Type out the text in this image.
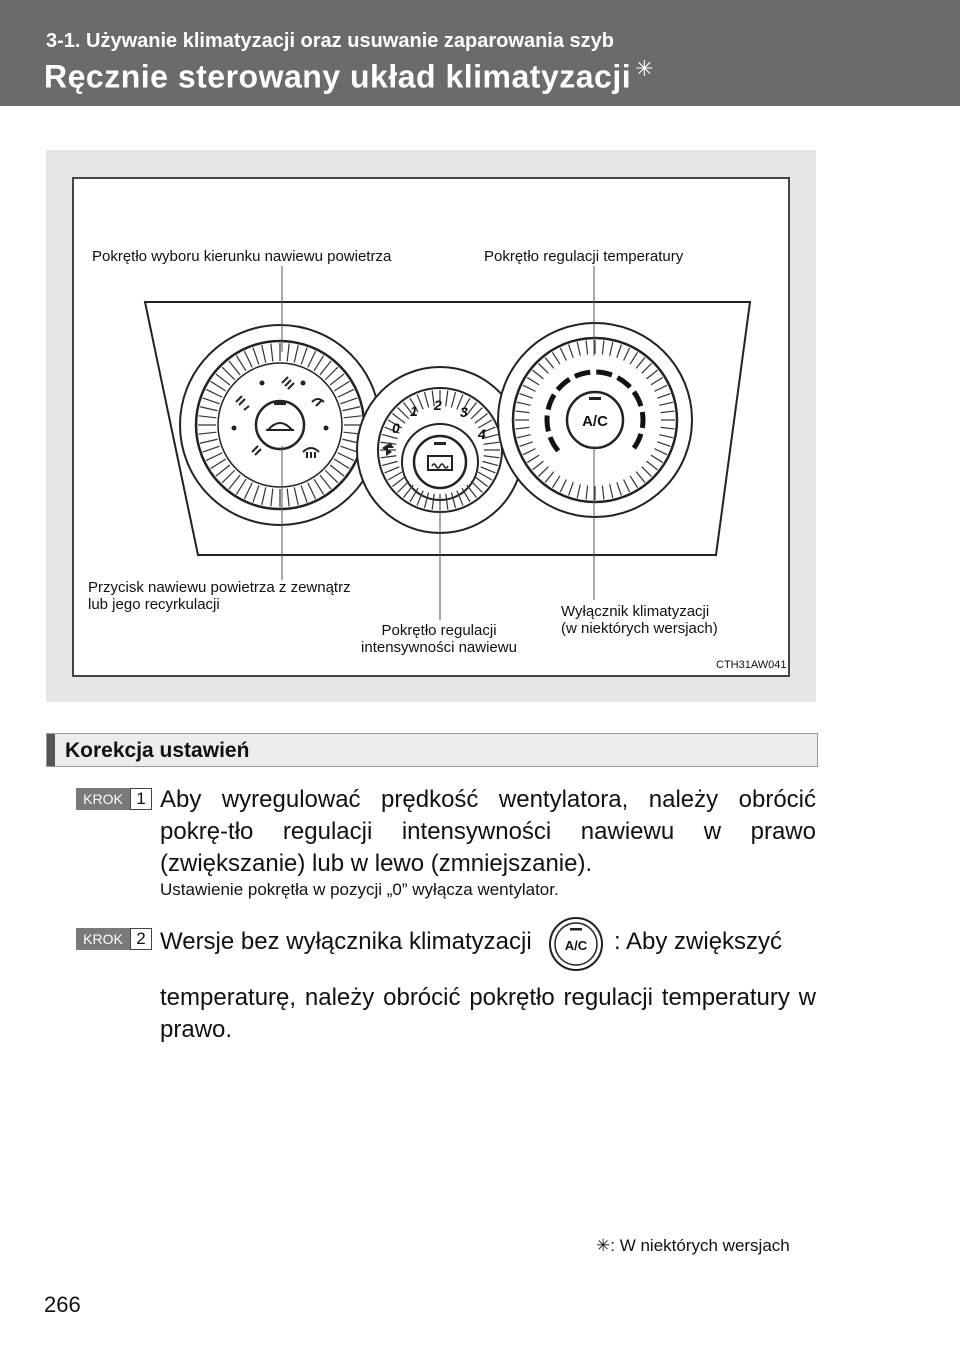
3-1. Używanie klimatyzacji oraz usuwanie zaparowania szyb
Ręcznie sterowany układ klimatyzacji ✳
0
1 2 3
4
A/C
Pokrętło wyboru kierunku nawiewu powietrza	Pokrętło regulacji temperatury
Przycisk nawiewu powietrza z zewnątrz
lub jego recyrkulacji
Pokrętło regulacji
intensywności nawiewu
Wyłącznik klimatyzacji
(w niektórych wersjach)
CTH31AW041
Korekcja ustawień
KROK 1 Aby wyregulować prędkość wentylatora, należy obrócić pokrę-tło regulacji intensywności nawiewu w prawo (zwiększanie) lub w lewo (zmniejszanie).
Ustawienie pokrętła w pozycji „0” wyłącza wentylator.
KROK 2 Wersje bez wyłącznika klimatyzacji	A/C : Aby zwiększyć
temperaturę, należy obrócić pokrętło regulacji temperatury w prawo.
✳: W niektórych wersjach
266
